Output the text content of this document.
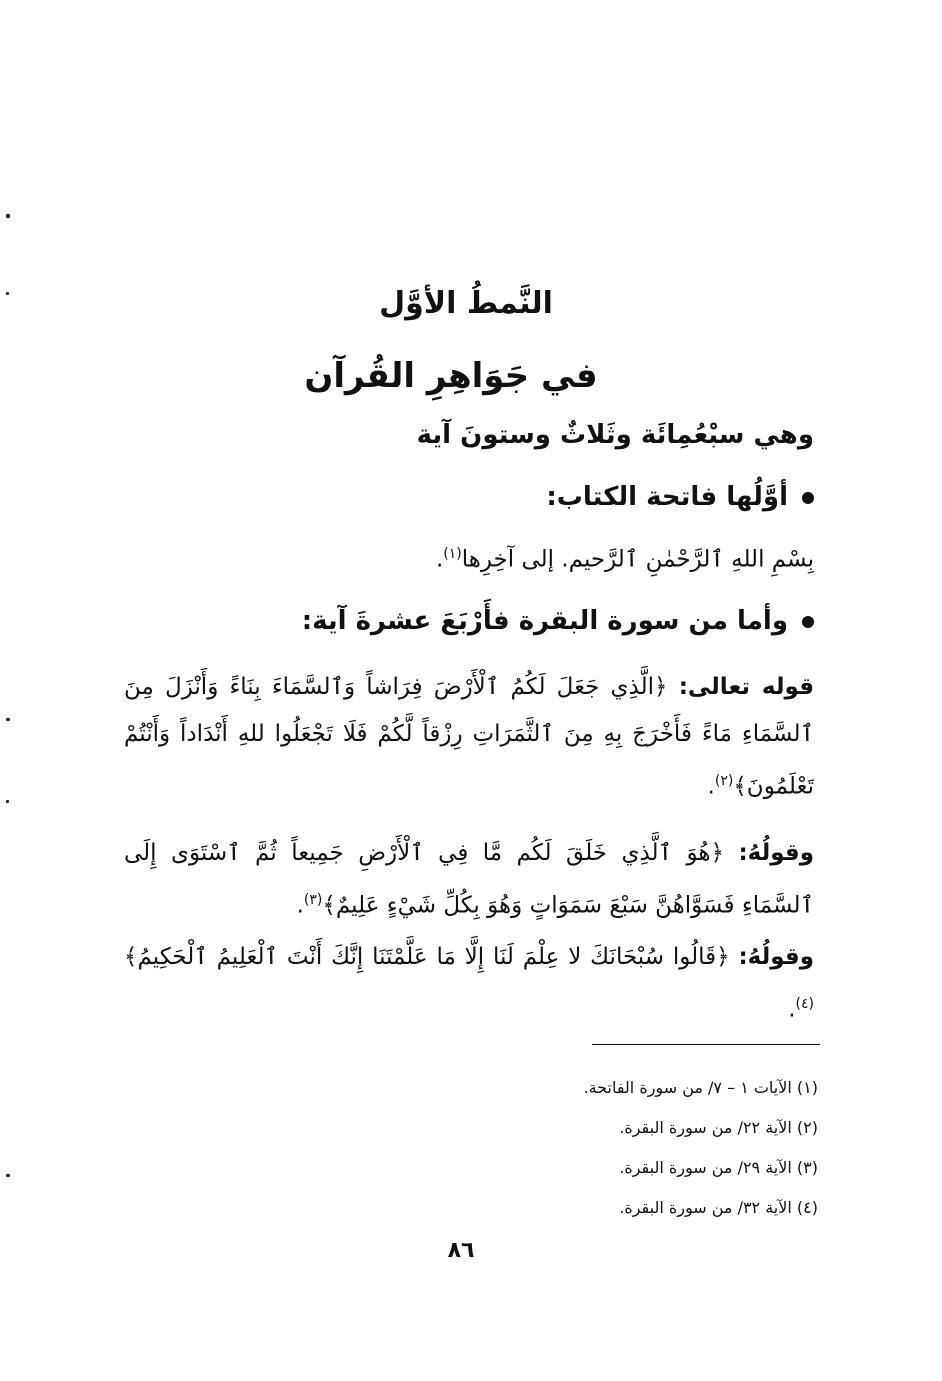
النَّمطُ الأوَّل
في جَوَاهِرِ القُرآن
وهي سبْعُمِائَة وثَلاثٌ وستونَ آية
أوَّلُها فاتحة الكتاب:
بِسْمِ اللهِ ٱلرَّحْمٰنِ ٱلرَّحيم. إلى آخِرِها$^{(١)}$.
وأما من سورة البقرة فأَرْبَعَ عشرةَ آية:
قوله تعالى: ﴿الَّذِي جَعَلَ لَكُمُ ٱلْأَرْضَ فِرَاشاً وَٱلسَّمَاءَ بِنَاءً وَأَنْزَلَ مِنَ ٱلسَّمَاءِ مَاءً فَأَخْرَجَ بِهِ مِنَ ٱلثَّمَرَاتِ رِزْقاً لَّكُمْ فَلَا تَجْعَلُوا للهِ أَنْدَاداً وَأَنْتُمْ تَعْلَمُونَ﴾$^{(٢)}$.
وقولُهُ: ﴿هُوَ ٱلَّذِي خَلَقَ لَكُم مَّا فِي ٱلْأَرْضِ جَمِيعاً ثُمَّ ٱسْتَوَى إِلَى ٱلسَّمَاءِ فَسَوَّاهُنَّ سَبْعَ سَمَوَاتٍ وَهُوَ بِكُلِّ شَيْءٍ عَلِيمٌ﴾$^{(٣)}$.
وقولُهُ: ﴿قَالُوا سُبْحَانَكَ لا عِلْمَ لَنَا إِلَّا مَا عَلَّمْتَنَا إِنَّكَ أَنْتَ ٱلْعَلِيمُ ٱلْحَكِيمُ﴾$^{(٤)}$.
(١) الآيات ١ – ٧/ من سورة الفاتحة.
(٢) الآية ٢٢/ من سورة البقرة.
(٣) الآية ٢٩/ من سورة البقرة.
(٤) الآية ٣٢/ من سورة البقرة.
٨٦
